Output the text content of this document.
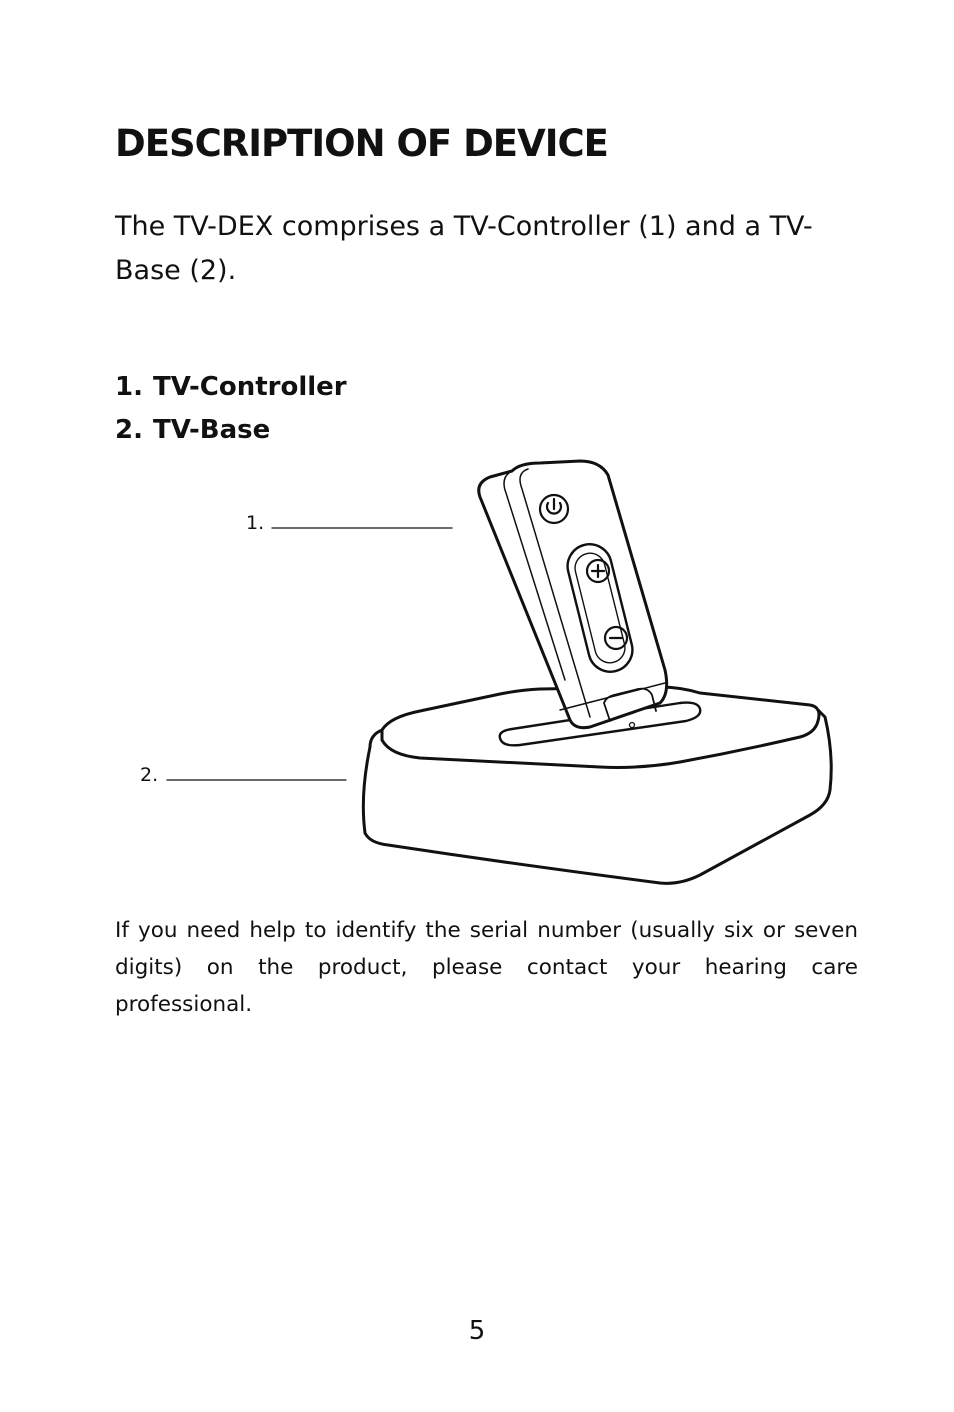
DESCRIPTION OF DEVICE

The TV-DEX comprises a TV-Controller (1) and a TV-Base (2).

1. TV-Controller
2. TV-Base
1.
2.

If you need help to identify the serial number (usually six or seven digits) on the product, please contact your hearing care professional.

5
